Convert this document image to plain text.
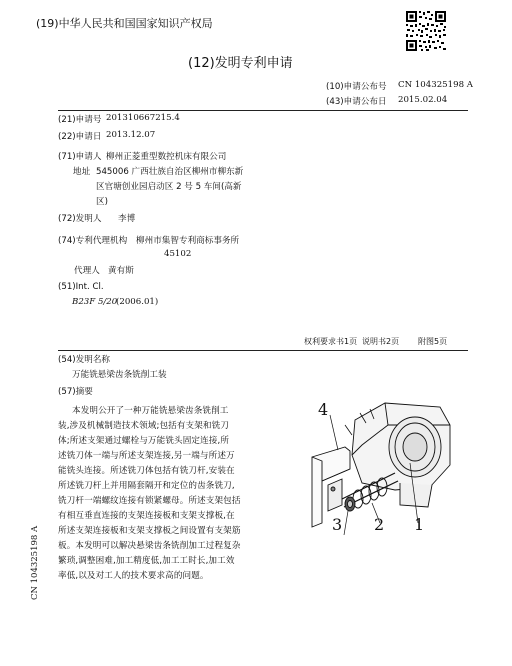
(19)中华人民共和国国家知识产权局
(12)发明专利申请
(10)申请公布号 CN 104325198 A
(43)申请公布日 2015.02.04
(21)申请号 201310667215.4
(22)申请日 2013.12.07
(71)申请人 柳州正菱重型数控机床有限公司
地址 545006 广西壮族自治区柳州市柳东新
区官塘创业园启动区 2 号 5 车间(高新
区)
(72)发明人 李博
(74)专利代理机构 柳州市集智专利商标事务所
45102
代理人 黄有斯
(51)Int. Cl.
B23F 5/20
(2006.01)
权利要求书1页 说明书2页 附图5页
(54)发明名称
万能铣悬梁齿条铣削工装
(57)摘要
本发明公开了一种万能铣悬梁齿条铣削工
装,涉及机械制造技术领域;包括有支架和铣刀
体;所述支架通过螺栓与万能铣头固定连接,所
述铣刀体一端与所述支架连接,另一端与所述万
能铣头连接。所述铣刀体包括有铣刀杆,安装在
所述铣刀杆上并用隔套隔开和定位的齿条铣刀,
铣刀杆一端螺纹连接有锁紧螺母。所述支架包括
有相互垂直连接的支架连接板和支架支撑板,在
所述支架连接板和支架支撑板之间设置有支架筋
板。本发明可以解决悬梁齿条铣削加工过程复杂
繁琐,调整困难,加工精度低,加工工时长,加工效
率低,以及对工人的技术要求高的问题。
4
3 2 1
CN 104325198 A
